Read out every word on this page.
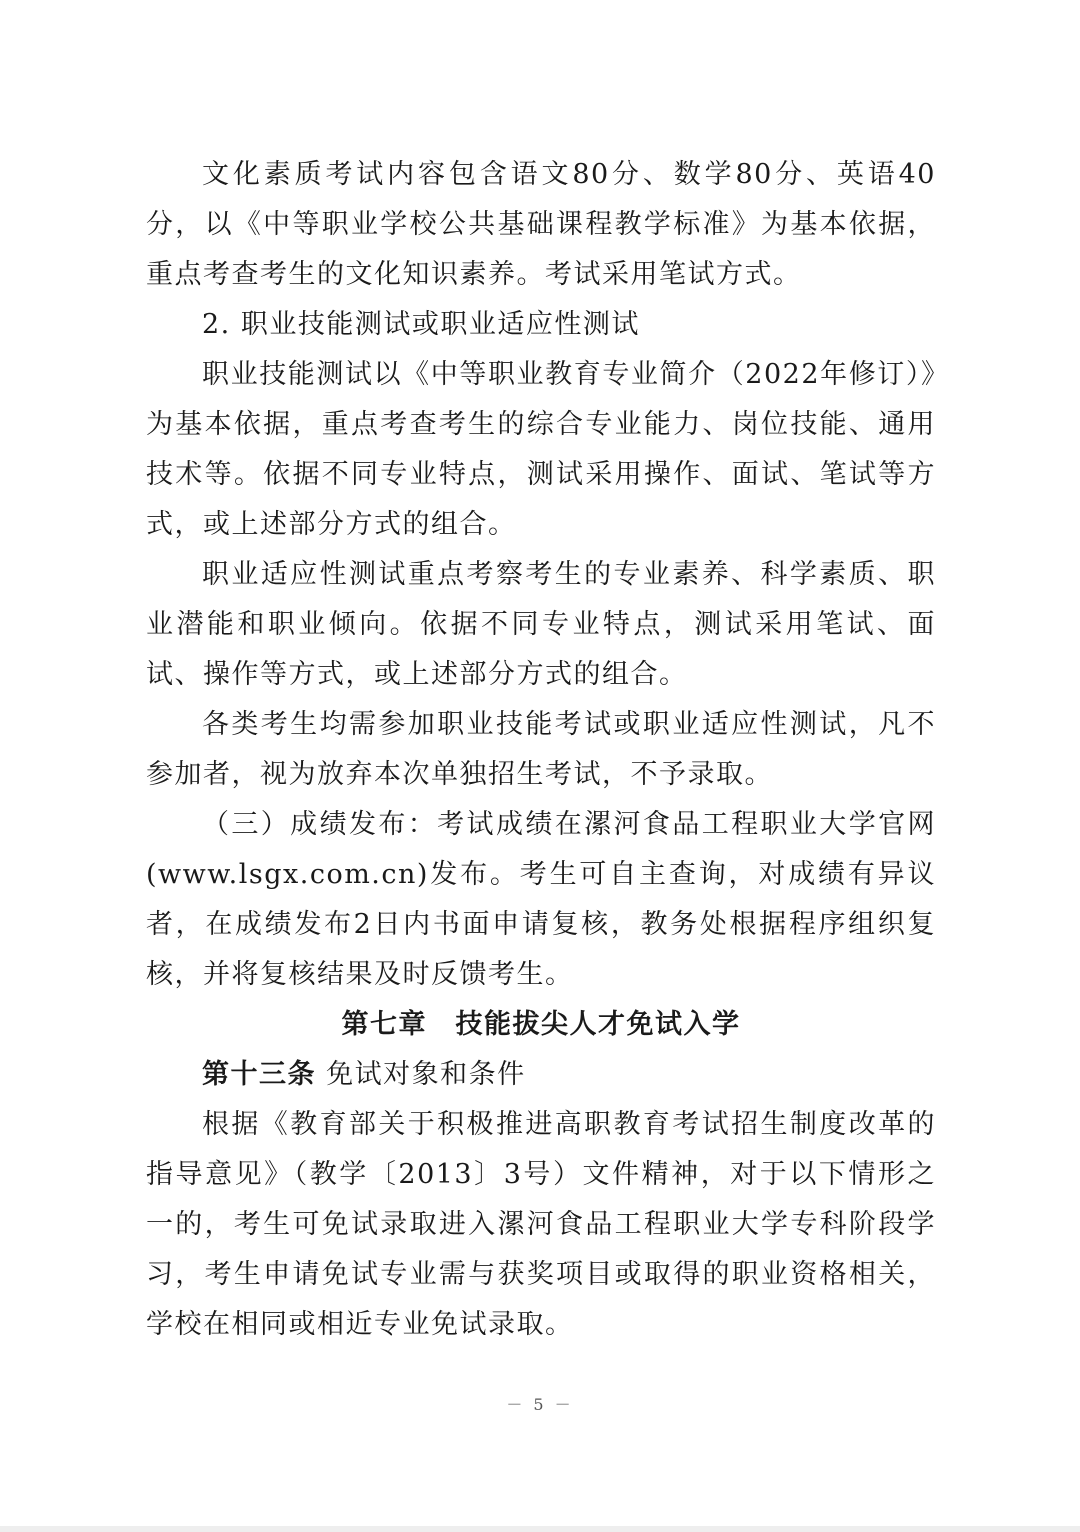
文化素质考试内容包含语文80分、数学80分、英语40分，以《中等职业学校公共基础课程教学标准》为基本依据，重点考查考生的文化知识素养。考试采用笔试方式。

2. 职业技能测试或职业适应性测试

职业技能测试以《中等职业教育专业简介（2022年修订）》为基本依据，重点考查考生的综合专业能力、岗位技能、通用技术等。依据不同专业特点，测试采用操作、面试、笔试等方式，或上述部分方式的组合。

职业适应性测试重点考察考生的专业素养、科学素质、职业潜能和职业倾向。依据不同专业特点，测试采用笔试、面试、操作等方式，或上述部分方式的组合。

各类考生均需参加职业技能考试或职业适应性测试，凡不参加者，视为放弃本次单独招生考试，不予录取。

（三）成绩发布：考试成绩在漯河食品工程职业大学官网(www.lsgx.com.cn)发布。考生可自主查询，对成绩有异议者，在成绩发布2日内书面申请复核，教务处根据程序组织复核，并将复核结果及时反馈考生。

第七章　技能拔尖人才免试入学

第十三条 免试对象和条件

根据《教育部关于积极推进高职教育考试招生制度改革的指导意见》（教学〔2013〕3号）文件精神，对于以下情形之一的，考生可免试录取进入漯河食品工程职业大学专科阶段学习，考生申请免试专业需与获奖项目或取得的职业资格相关，学校在相同或相近专业免试录取。

－ 5 －
